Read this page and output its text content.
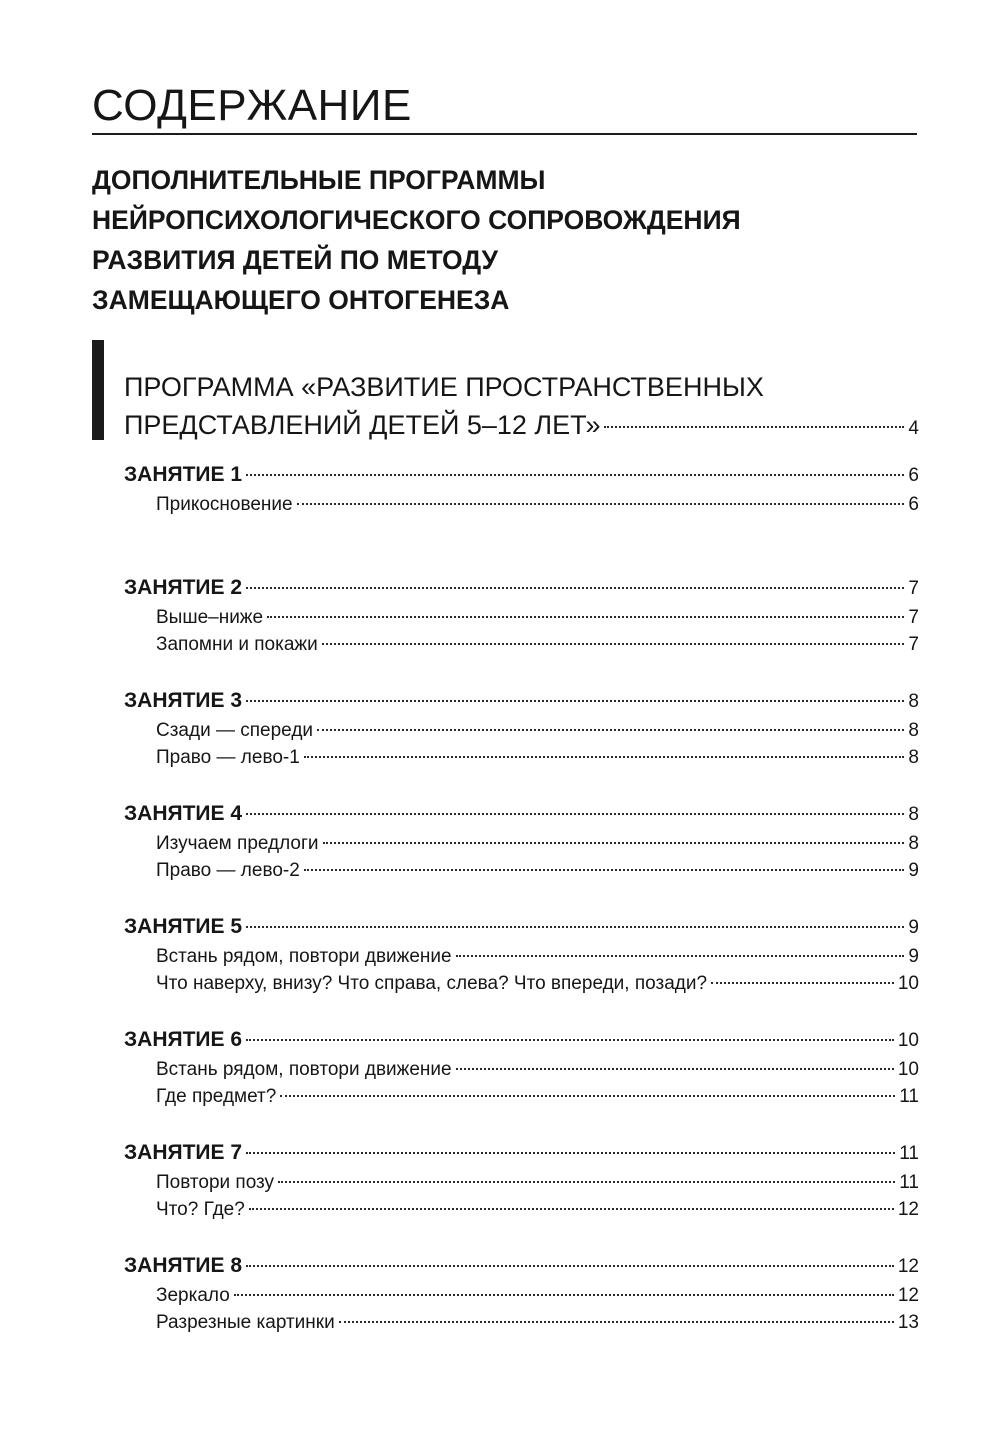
СОДЕРЖАНИЕ
ДОПОЛНИТЕЛЬНЫЕ ПРОГРАММЫ
НЕЙРОПСИХОЛОГИЧЕСКОГО СОПРОВОЖДЕНИЯ
РАЗВИТИЯ ДЕТЕЙ ПО МЕТОДУ
ЗАМЕЩАЮЩЕГО ОНТОГЕНЕЗА
ПРОГРАММА «РАЗВИТИЕ ПРОСТРАНСТВЕННЫХ
ПРЕДСТАВЛЕНИЙ ДЕТЕЙ 5–12 ЛЕТ»	4
ЗАНЯТИЕ 1	6
Прикосновение	6
ЗАНЯТИЕ 2	7
Выше–ниже	7
Запомни и покажи	7
ЗАНЯТИЕ 3	8
Сзади — спереди	8
Право — лево-1	8
ЗАНЯТИЕ 4	8
Изучаем предлоги	8
Право — лево-2	9
ЗАНЯТИЕ 5	9
Встань рядом, повтори движение	9
Что наверху, внизу? Что справа, слева? Что впереди, позади?	10
ЗАНЯТИЕ 6	10
Встань рядом, повтори движение	10
Где предмет?	11
ЗАНЯТИЕ 7	11
Повтори позу	11
Что? Где?	12
ЗАНЯТИЕ 8	12
Зеркало	12
Разрезные картинки	13
